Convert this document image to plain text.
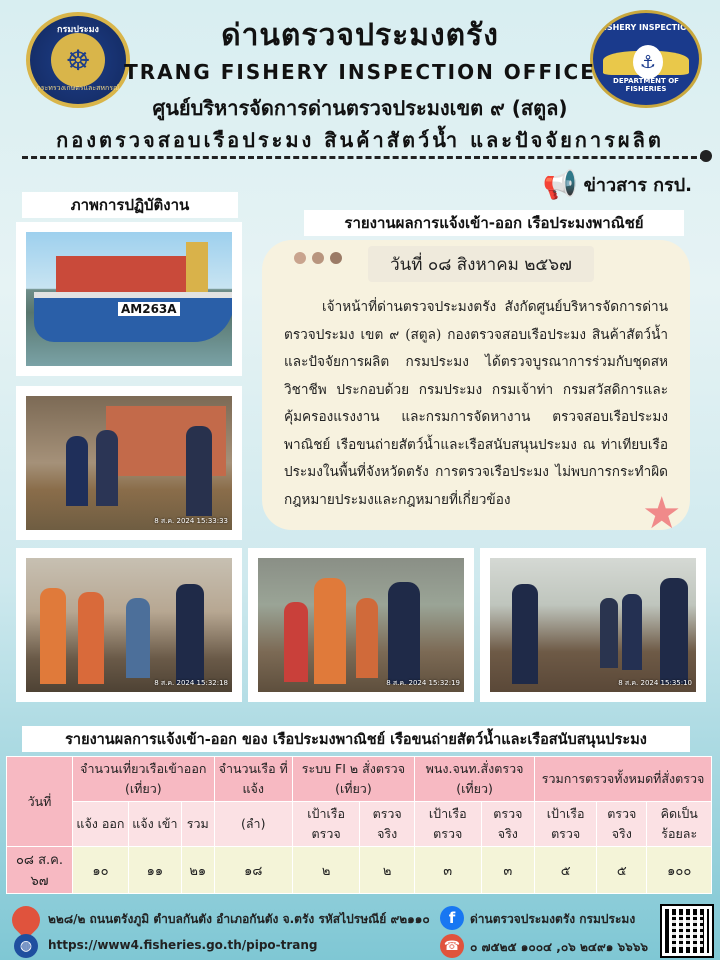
กรมประมง
☸
กระทรวงเกษตรและสหกรณ์
ด่านตรวจประมงตรัง	FISHERY INSPECTION
⚓
DEPARTMENT OF FISHERIES
TRANG FISHERY INSPECTION OFFICE
ศูนย์บริหารจัดการด่านตรวจประมงเขต ๙ (สตูล)
กองตรวจสอบเรือประมง สินค้าสัตว์น้ำ และปัจจัยการผลิต
📢 ข่าวสาร กรป.
ภาพการปฏิบัติงาน
รายงานผลการแจ้งเข้า-ออก เรือประมงพาณิชย์
AM263A
8 ส.ค. 2024 15:33:33
8 ส.ค. 2024 15:32:18	8 ส.ค. 2024 15:32:19	8 ส.ค. 2024 15:35:10
วันที่ ๐๘ สิงหาคม ๒๕๖๗
เจ้าหน้าที่ด่านตรวจประมงตรัง สังกัดศูนย์บริหารจัดการด่านตรวจประมง เขต ๙ (สตูล) กองตรวจสอบเรือประมง สินค้าสัตว์น้ำ และปัจจัยการผลิต กรมประมง ได้ตรวจบูรณาการร่วมกับชุดสหวิชาชีพ ประกอบด้วย กรมประมง กรมเจ้าท่า กรมสวัสดิการและคุ้มครองแรงงาน และกรมการจัดหางาน ตรวจสอบเรือประมงพาณิชย์ เรือขนถ่ายสัตว์น้ำและเรือสนับสนุนประมง ณ ท่าเทียบเรือประมงในพื้นที่จังหวัดตรัง การตรวจเรือประมง ไม่พบการกระทำผิดกฎหมายประมงและกฎหมายที่เกี่ยวข้อง	★
รายงานผลการแจ้งเข้า-ออก ของ เรือประมงพาณิชย์ เรือขนถ่ายสัตว์น้ำและเรือสนับสนุนประมง
วันที่	จำนวนเที่ยวเรือเข้าออก (เที่ยว)			จำนวนเรือ ที่แจ้ง	ระบบ FI ๒ สั่งตรวจ (เที่ยว)		พนง.จนท.สั่งตรวจ (เที่ยว)		รวมการตรวจทั้งหมดที่สั่งตรวจ		
	แจ้ง ออก	แจ้ง เข้า	รวม	(ลำ)	เป้าเรือ ตรวจ	ตรวจ จริง	เป้าเรือ ตรวจ	ตรวจ จริง	เป้าเรือ ตรวจ	ตรวจ จริง	คิดเป็น ร้อยละ
๐๘ ส.ค. ๖๗	๑๐	๑๑	๒๑	๑๘	๒	๒	๓	๓	๕	๕	๑๐๐
๒๒๘/๒ ถนนตรังภูมิ ตำบลกันตัง อำเภอกันตัง จ.ตรัง รหัสไปรษณีย์ ๙๒๑๑๐
◍	https://www4.fisheries.go.th/pipo-trang
f	ด่านตรวจประมงตรัง กรมประมง
☎ ๐ ๗๕๒๕ ๑๐๐๔ ,๐๖ ๒๔๙๑ ๖๖๖๖
